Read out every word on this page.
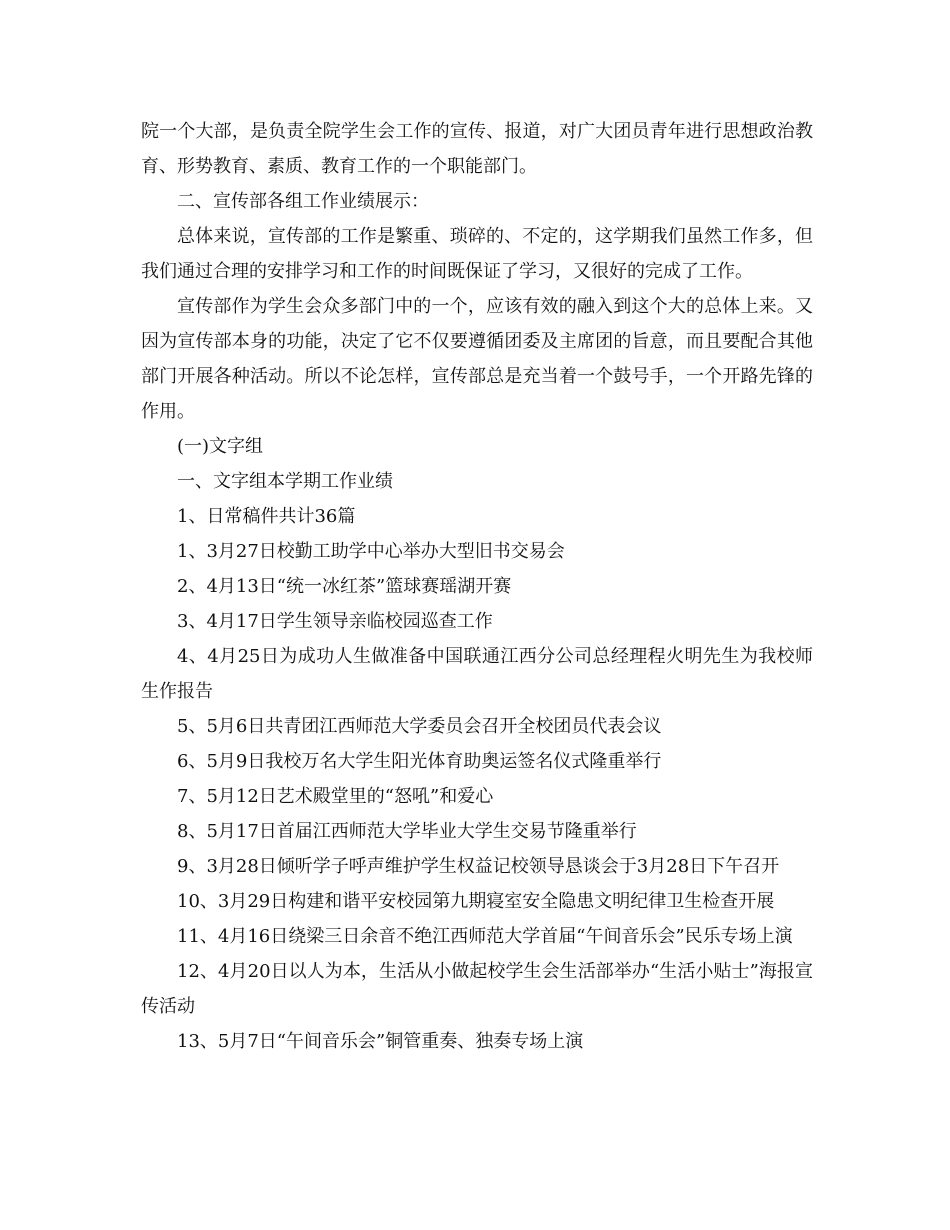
院一个大部，是负责全院学生会工作的宣传、报道，对广大团员青年进行思想政治教育、形势教育、素质、教育工作的一个职能部门。

二、宣传部各组工作业绩展示：

总体来说，宣传部的工作是繁重、琐碎的、不定的，这学期我们虽然工作多，但我们通过合理的安排学习和工作的时间既保证了学习，又很好的完成了工作。

宣传部作为学生会众多部门中的一个，应该有效的融入到这个大的总体上来。又因为宣传部本身的功能，决定了它不仅要遵循团委及主席团的旨意，而且要配合其他部门开展各种活动。所以不论怎样，宣传部总是充当着一个鼓号手，一个开路先锋的作用。

(一)文字组

一、文字组本学期工作业绩

1、日常稿件共计36篇

1、3月27日校勤工助学中心举办大型旧书交易会

2、4月13日“统一冰红茶”篮球赛瑶湖开赛

3、4月17日学生领导亲临校园巡查工作

4、4月25日为成功人生做准备中国联通江西分公司总经理程火明先生为我校师生作报告

5、5月6日共青团江西师范大学委员会召开全校团员代表会议

6、5月9日我校万名大学生阳光体育助奥运签名仪式隆重举行

7、5月12日艺术殿堂里的“怒吼”和爱心

8、5月17日首届江西师范大学毕业大学生交易节隆重举行

9、3月28日倾听学子呼声维护学生权益记校领导恳谈会于3月28日下午召开

10、3月29日构建和谐平安校园第九期寝室安全隐患文明纪律卫生检查开展

11、4月16日绕梁三日余音不绝江西师范大学首届“午间音乐会”民乐专场上演

12、4月20日以人为本，生活从小做起校学生会生活部举办“生活小贴士”海报宣传活动

13、5月7日“午间音乐会”铜管重奏、独奏专场上演
